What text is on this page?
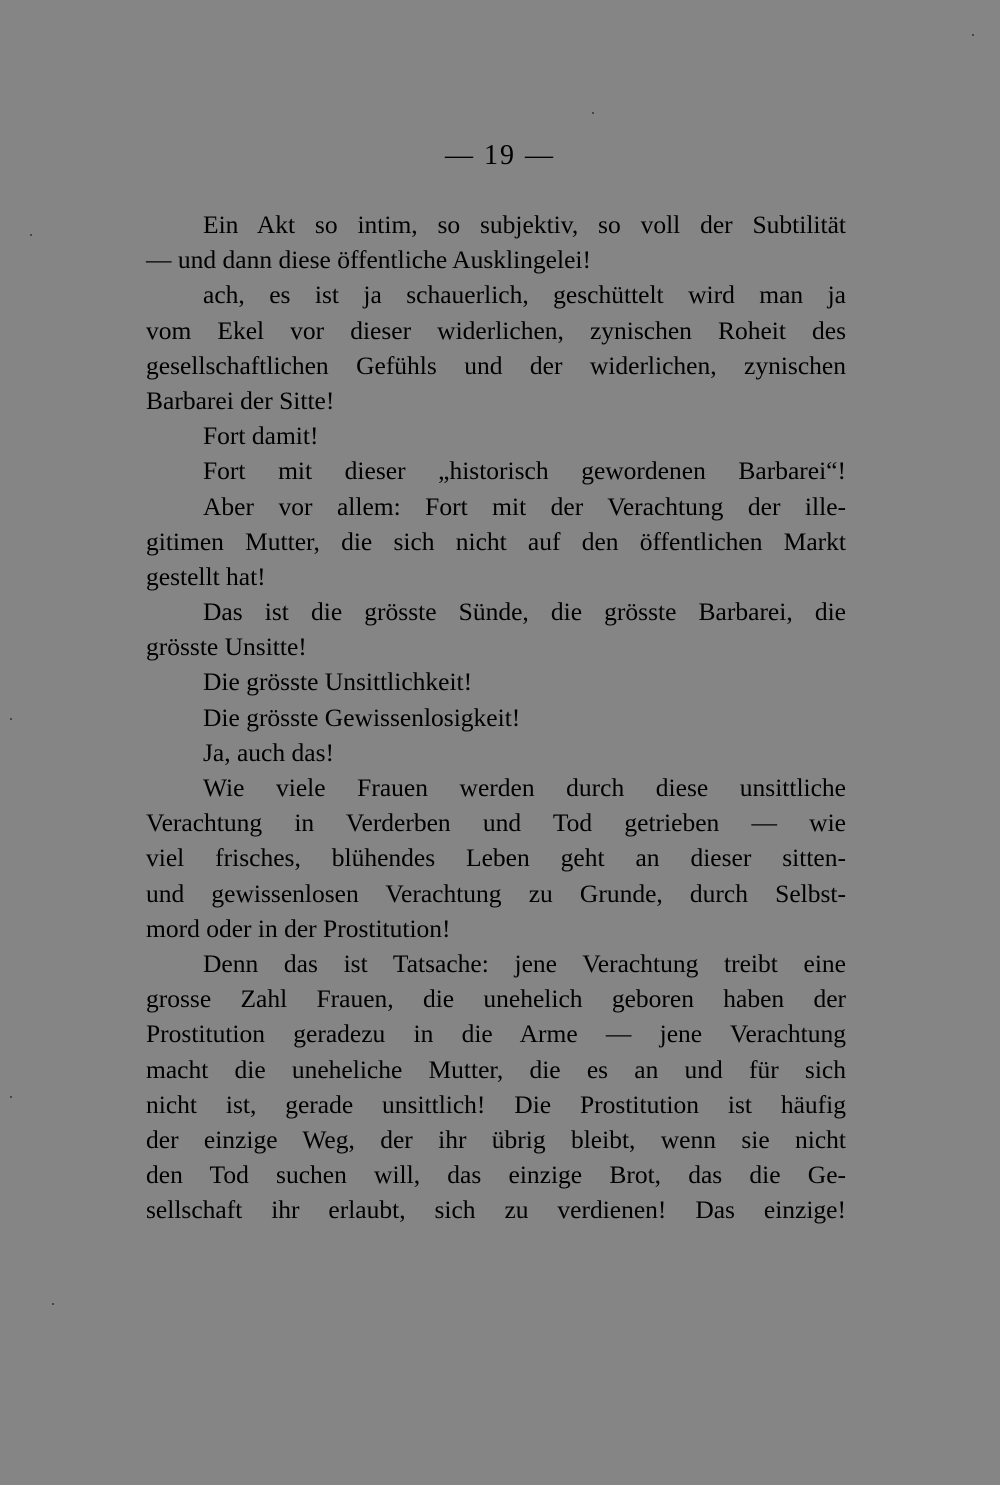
— 19 —
Ein Akt so intim, so subjektiv, so voll der Subtilität
— und dann diese öffentliche Ausklingelei!
ach, es ist ja schauerlich, geschüttelt wird man ja
vom Ekel vor dieser widerlichen, zynischen Roheit des
gesellschaftlichen Gefühls und der widerlichen, zynischen
Barbarei der Sitte!
Fort damit!
Fort mit dieser „historisch gewordenen Barbarei“!
Aber vor allem: Fort mit der Verachtung der ille-
gitimen Mutter, die sich nicht auf den öffentlichen Markt
gestellt hat!
Das ist die grösste Sünde, die grösste Barbarei, die
grösste Unsitte!
Die grösste Unsittlichkeit!
Die grösste Gewissenlosigkeit!
Ja, auch das!
Wie viele Frauen werden durch diese unsittliche
Verachtung in Verderben und Tod getrieben — wie
viel frisches, blühendes Leben geht an dieser sitten-
und gewissenlosen Verachtung zu Grunde, durch Selbst-
mord oder in der Prostitution!
Denn das ist Tatsache: jene Verachtung treibt eine
grosse Zahl Frauen, die unehelich geboren haben der
Prostitution geradezu in die Arme — jene Verachtung
macht die uneheliche Mutter, die es an und für sich
nicht ist, gerade unsittlich! Die Prostitution ist häufig
der einzige Weg, der ihr übrig bleibt, wenn sie nicht
den Tod suchen will, das einzige Brot, das die Ge-
sellschaft ihr erlaubt, sich zu verdienen! Das einzige!
